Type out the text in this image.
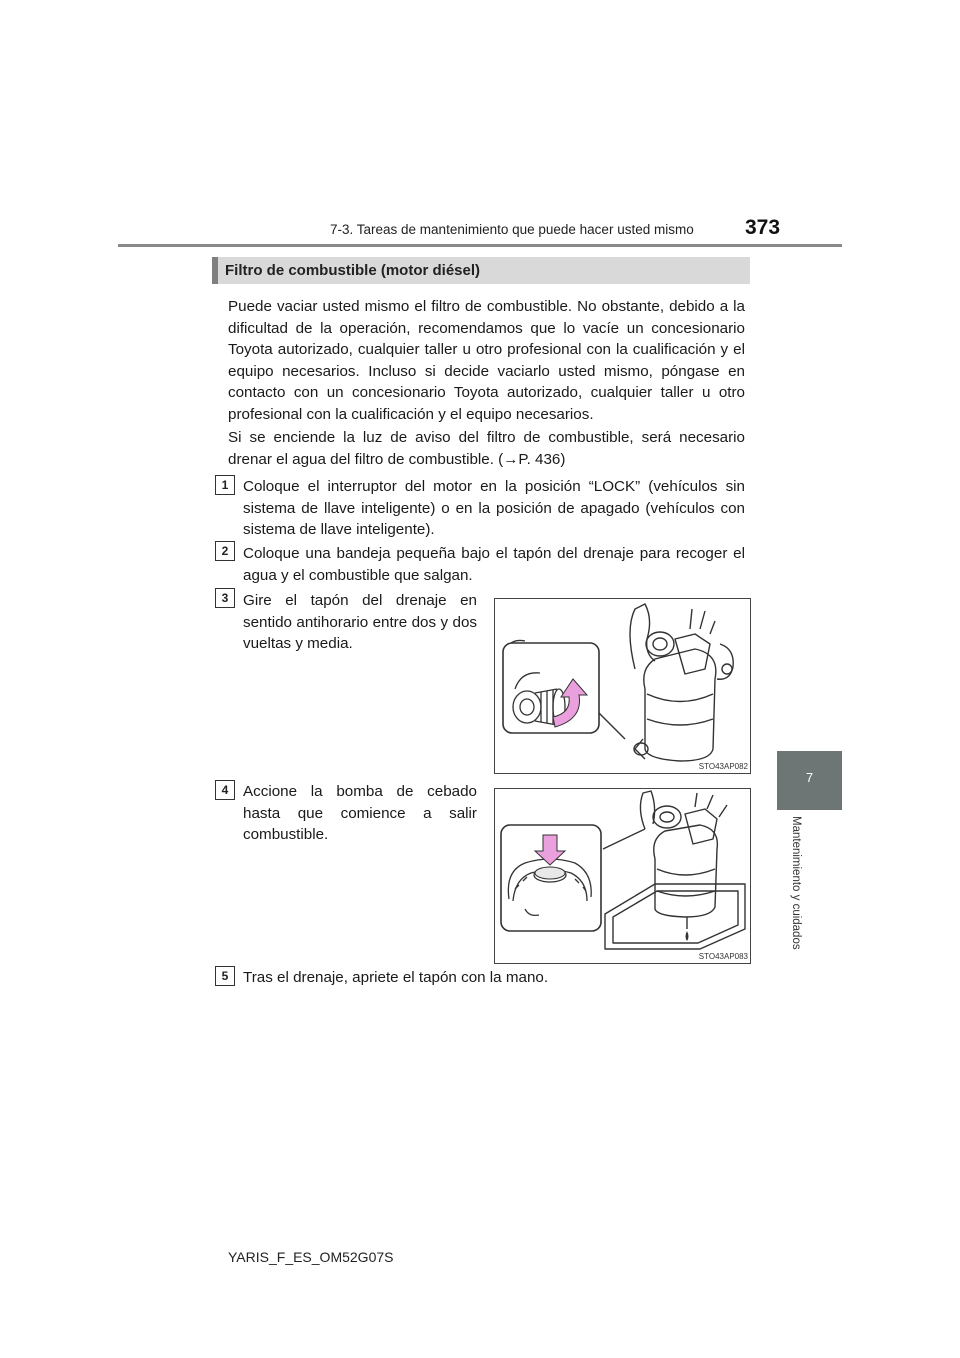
7-3. Tareas de mantenimiento que puede hacer usted mismo 373
7
Mantenimiento y cuidados
Filtro de combustible (motor diésel)
Puede vaciar usted mismo el filtro de combustible. No obstante, debido a la dificultad de la operación, recomendamos que lo vacíe un concesionario Toyota autorizado, cualquier taller u otro profesional con la cualificación y el equipo necesarios. Incluso si decide vaciarlo usted mismo, póngase en contacto con un concesionario Toyota autorizado, cualquier taller u otro profesional con la cualificación y el equipo necesarios.
Si se enciende la luz de aviso del filtro de combustible, será necesario drenar el agua del filtro de combustible. (→P. 436)
1 Coloque el interruptor del motor en la posición “LOCK” (vehículos sin sistema de llave inteligente) o en la posición de apagado (vehículos con sistema de llave inteligente).
2 Coloque una bandeja pequeña bajo el tapón del drenaje para recoger el agua y el combustible que salgan.
3 Gire el tapón del drenaje en sentido antihorario entre dos y dos vueltas y media.
STO43AP082
4 Accione la bomba de cebado hasta que comience a salir combustible.
STO43AP083
5 Tras el drenaje, apriete el tapón con la mano.
YARIS_F_ES_OM52G07S
